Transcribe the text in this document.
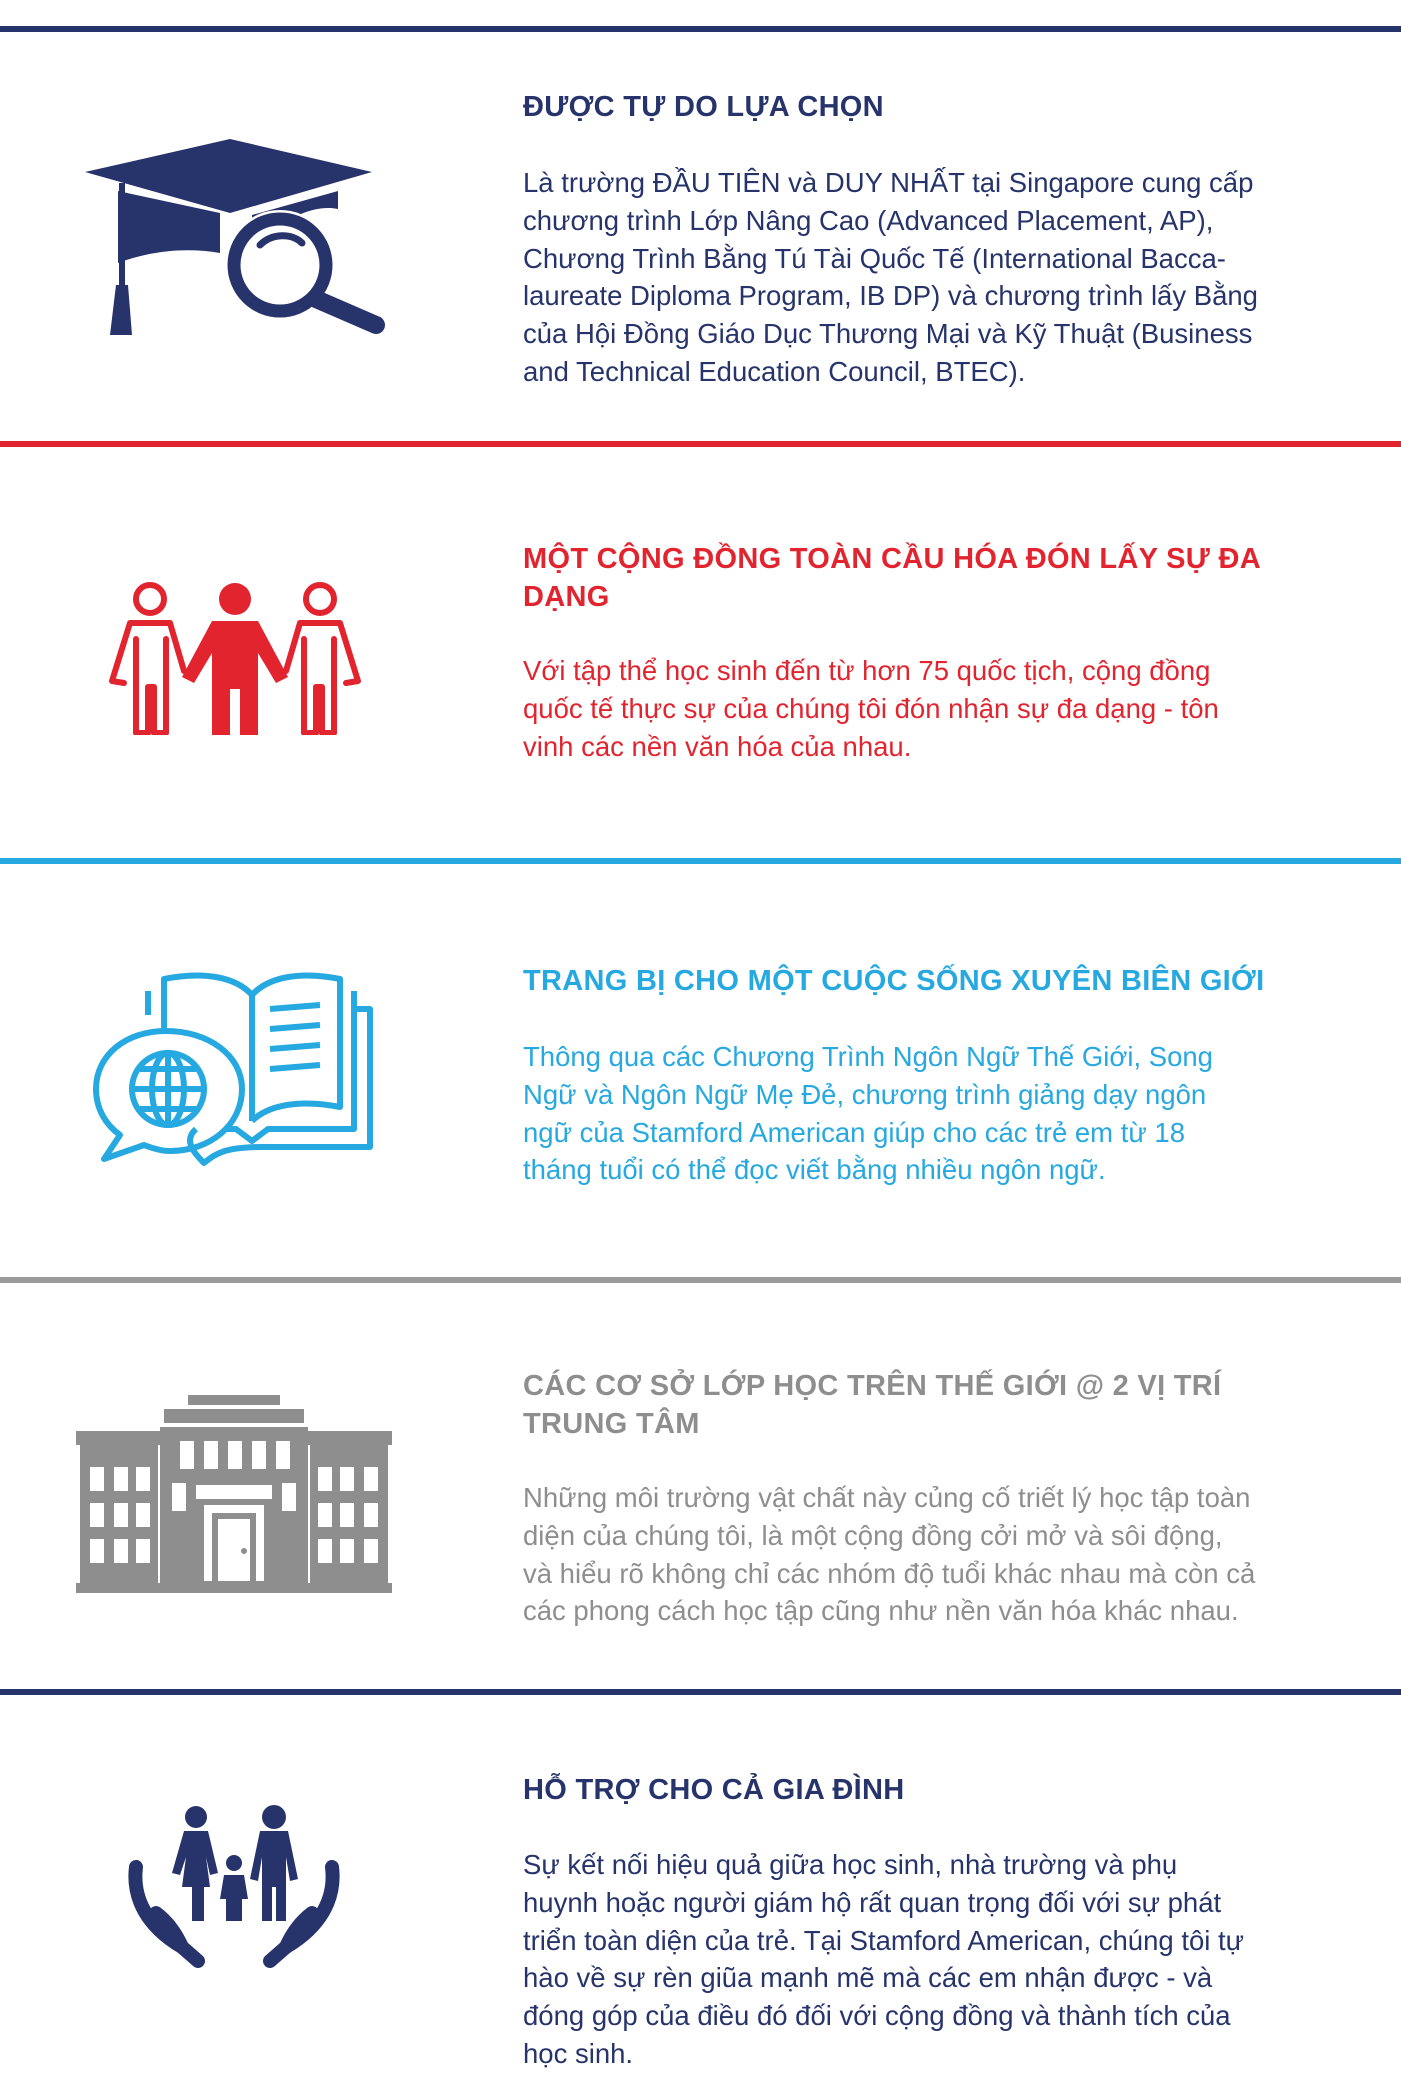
ĐƯỢC TỰ DO LỰA CHỌN
Là trường ĐẦU TIÊN và DUY NHẤT tại Singapore cung cấp
chương trình Lớp Nâng Cao (Advanced Placement, AP),
Chương Trình Bằng Tú Tài Quốc Tế (International Bacca-
laureate Diploma Program, IB DP) và chương trình lấy Bằng
của Hội Đồng Giáo Dục Thương Mại và Kỹ Thuật (Business
and Technical Education Council, BTEC).
MỘT CỘNG ĐỒNG TOÀN CẦU HÓA ĐÓN LẤY SỰ ĐA
DẠNG
Với tập thể học sinh đến từ hơn 75 quốc tịch, cộng đồng
quốc tế thực sự của chúng tôi đón nhận sự đa dạng - tôn
vinh các nền văn hóa của nhau.
TRANG BỊ CHO MỘT CUỘC SỐNG XUYÊN BIÊN GIỚI
Thông qua các Chương Trình Ngôn Ngữ Thế Giới, Song
Ngữ và Ngôn Ngữ Mẹ Đẻ, chương trình giảng dạy ngôn
ngữ của Stamford American giúp cho các trẻ em từ 18
tháng tuổi có thể đọc viết bằng nhiều ngôn ngữ.
CÁC CƠ SỞ LỚP HỌC TRÊN THẾ GIỚI @ 2 VỊ TRÍ
TRUNG TÂM
Những môi trường vật chất này củng cố triết lý học tập toàn
diện của chúng tôi, là một cộng đồng cởi mở và sôi động,
và hiểu rõ không chỉ các nhóm độ tuổi khác nhau mà còn cả
các phong cách học tập cũng như nền văn hóa khác nhau.
HỖ TRỢ CHO CẢ GIA ĐÌNH
Sự kết nối hiệu quả giữa học sinh, nhà trường và phụ
huynh hoặc người giám hộ rất quan trọng đối với sự phát
triển toàn diện của trẻ. Tại Stamford American, chúng tôi tự
hào về sự rèn giũa mạnh mẽ mà các em nhận được - và
đóng góp của điều đó đối với cộng đồng và thành tích của
học sinh.
